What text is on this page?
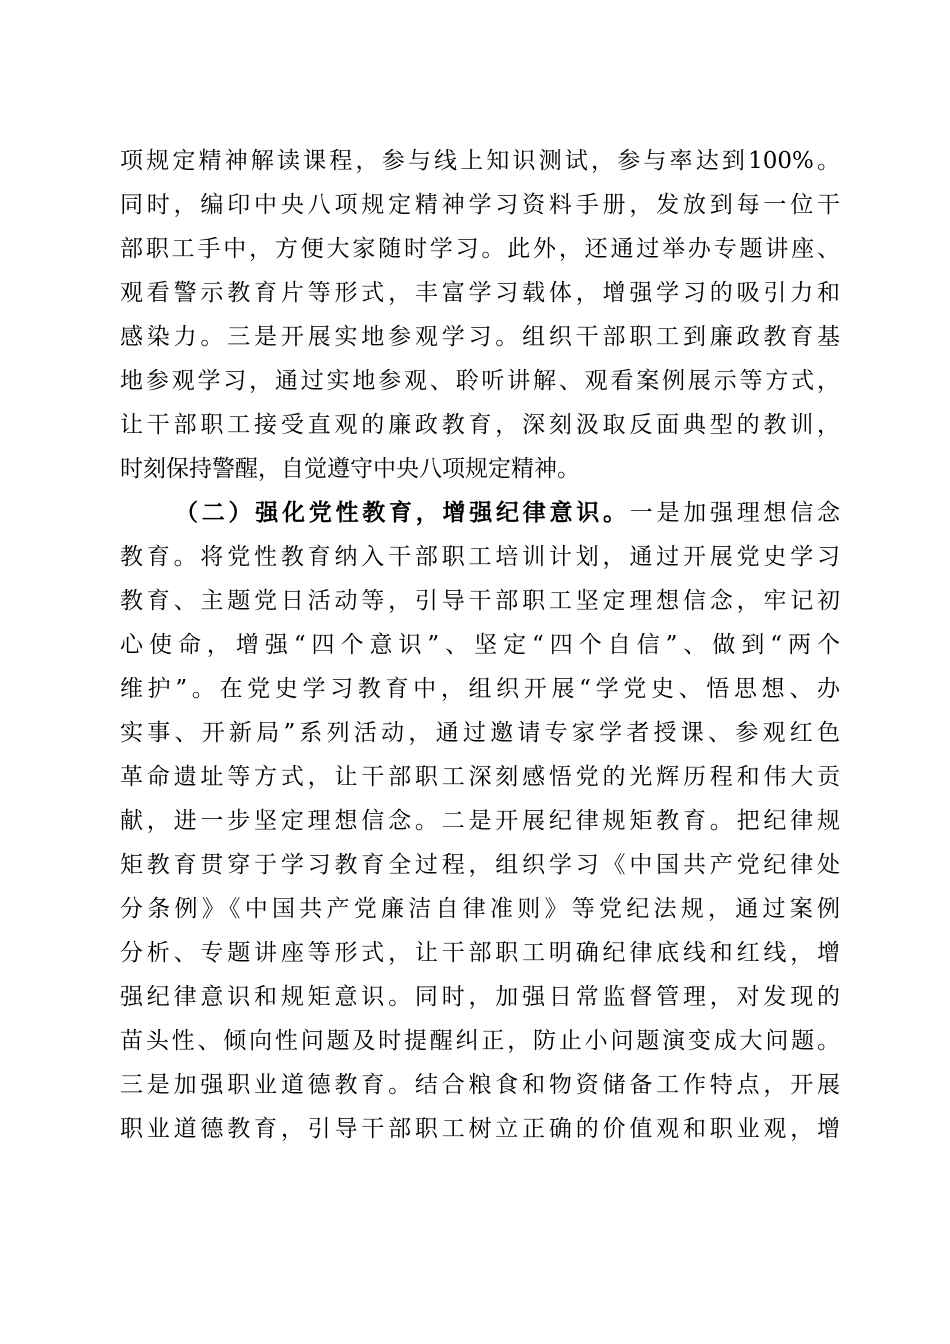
项规定精神解读课程，参与线上知识测试，参与率达到100%。
同时，编印中央八项规定精神学习资料手册，发放到每一位干
部职工手中，方便大家随时学习。此外，还通过举办专题讲座、
观看警示教育片等形式，丰富学习载体，增强学习的吸引力和
感染力。三是开展实地参观学习。组织干部职工到廉政教育基
地参观学习，通过实地参观、聆听讲解、观看案例展示等方式，
让干部职工接受直观的廉政教育，深刻汲取反面典型的教训，
时刻保持警醒，自觉遵守中央八项规定精神。
（二）强化党性教育，增强纪律意识。一是加强理想信念
教育。将党性教育纳入干部职工培训计划，通过开展党史学习
教育、主题党日活动等，引导干部职工坚定理想信念，牢记初
心使命，增强“四个意识”、坚定“四个自信”、做到“两个
维护”。在党史学习教育中，组织开展“学党史、悟思想、办
实事、开新局”系列活动，通过邀请专家学者授课、参观红色
革命遗址等方式，让干部职工深刻感悟党的光辉历程和伟大贡
献，进一步坚定理想信念。二是开展纪律规矩教育。把纪律规
矩教育贯穿于学习教育全过程，组织学习《中国共产党纪律处
分条例》《中国共产党廉洁自律准则》等党纪法规，通过案例
分析、专题讲座等形式，让干部职工明确纪律底线和红线，增
强纪律意识和规矩意识。同时，加强日常监督管理，对发现的
苗头性、倾向性问题及时提醒纠正，防止小问题演变成大问题。
三是加强职业道德教育。结合粮食和物资储备工作特点，开展
职业道德教育，引导干部职工树立正确的价值观和职业观，增
